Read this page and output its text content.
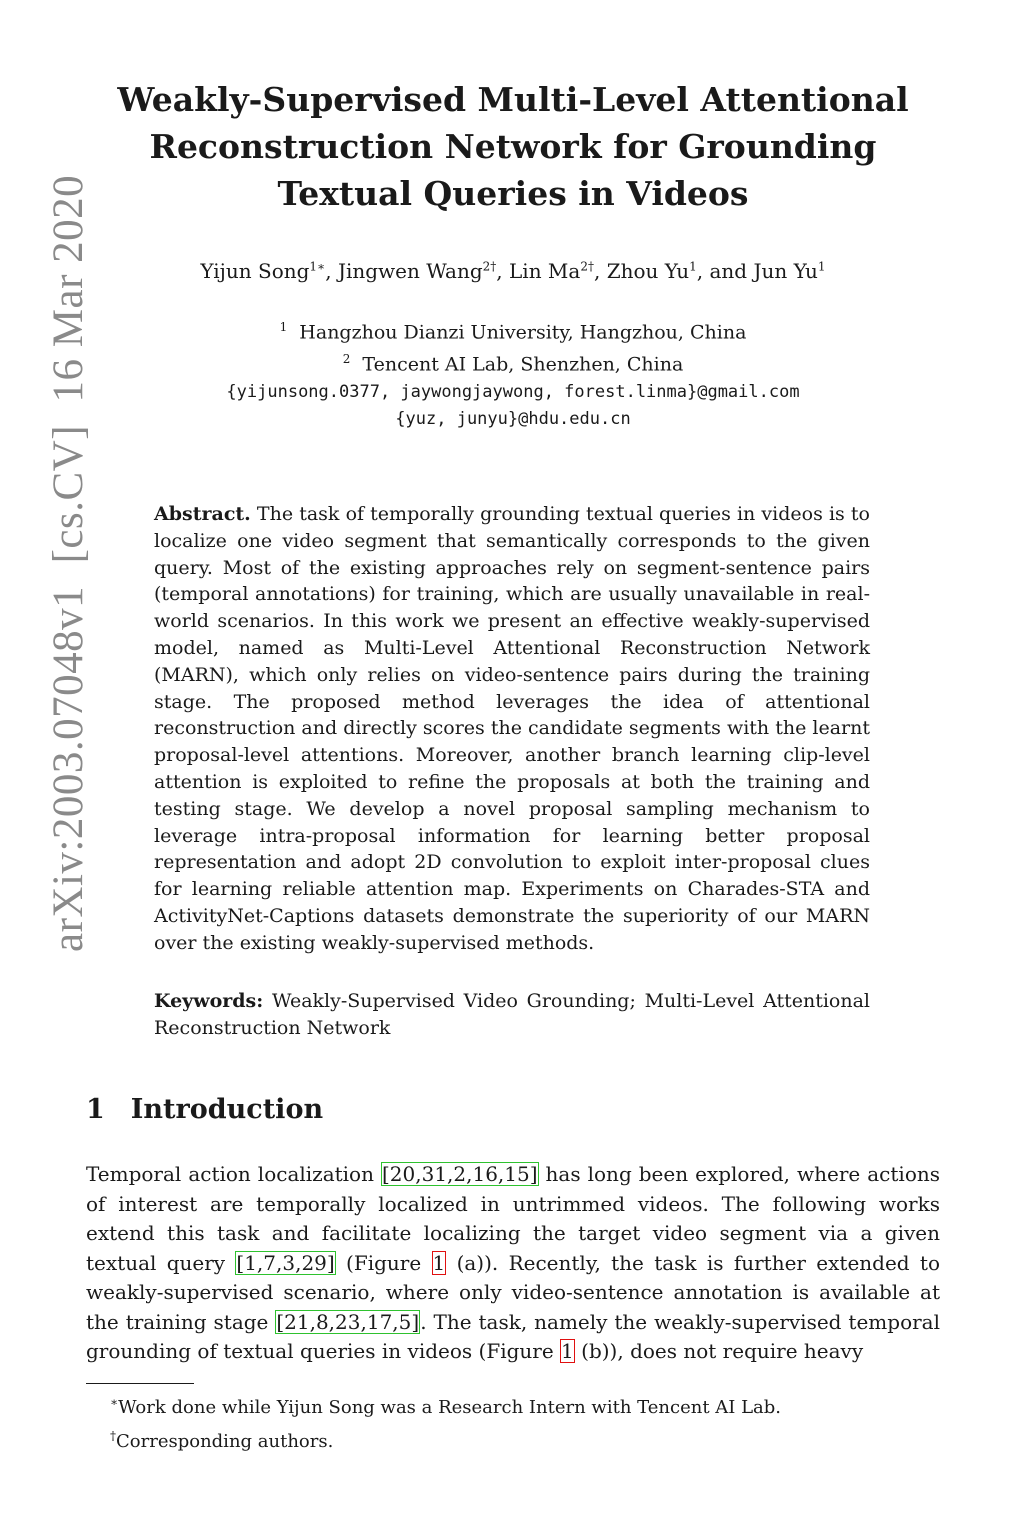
arXiv:2003.07048v1  [cs.CV]  16 Mar 2020
Weakly-Supervised Multi-Level Attentional Reconstruction Network for Grounding Textual Queries in Videos
Yijun Song$^{1∗}$, Jingwen Wang$^{2\dagger}$, Lin $Ma^{2\dagger}$, Zhou Yu$^1$, and Jun Yu$^1$
$^1$ Hangzhou Dianzi University, Hangzhou, China
$^2$ Tencent AI Lab, Shenzhen, China
{yijunsong.0377, jaywongjaywong, forest.linma}@gmail.com
{yuz, junyu}@hdu.edu.cn
Abstract. The task of temporally grounding textual queries in videos is to localize one video segment that semantically corresponds to the given query. Most of the existing approaches rely on segment-sentence pairs (temporal annotations) for training, which are usually unavailable in real-world scenarios. In this work we present an effective weakly-supervised model, named as Multi-Level Attentional Reconstruction Network (MARN), which only relies on video-sentence pairs during the training stage. The proposed method leverages the idea of attentional reconstruction and directly scores the candidate segments with the learnt proposal-level attentions. Moreover, another branch learning clip-level attention is exploited to refine the proposals at both the training and testing stage. We develop a novel proposal sampling mechanism to leverage intra-proposal information for learning better proposal representation and adopt 2D convolution to exploit inter-proposal clues for learning reliable attention map. Experiments on Charades-STA and ActivityNet-Captions datasets demonstrate the superiority of our MARN over the existing weakly-supervised methods.
Keywords: Weakly-Supervised Video Grounding; Multi-Level Attentional Reconstruction Network
1 Introduction
Temporal action localization [20,31,2,16,15] has long been explored, where actions of interest are temporally localized in untrimmed videos. The following works extend this task and facilitate localizing the target video segment via a given textual query [1,7,3,29] (Figure 1 (a)). Recently, the task is further extended to weakly-supervised scenario, where only video-sentence annotation is available at the training stage [21,8,23,17,5]. The task, namely the weakly-supervised temporal grounding of textual queries in videos (Figure 1 (b)), does not require heavy
∗Work done while Yijun Song was a Research Intern with Tencent AI Lab.
†Corresponding authors.
